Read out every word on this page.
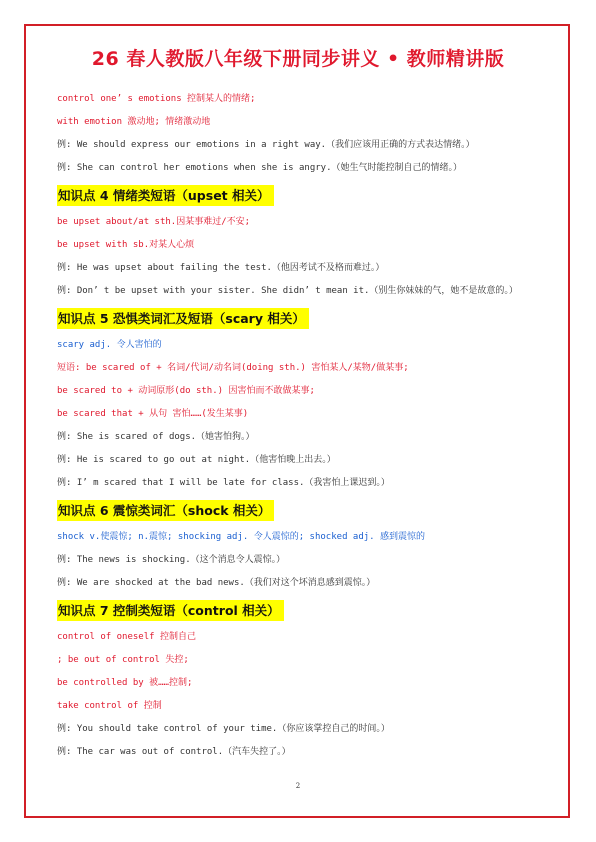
26 春人教版八年级下册同步讲义 • 教师精讲版

control one’ s emotions 控制某人的情绪;

with emotion 激动地; 情绪激动地

例: We should express our emotions in a right way.（我们应该用正确的方式表达情绪。）

例: She can control her emotions when she is angry.（她生气时能控制自己的情绪。）

知识点 4 情绪类短语（upset 相关）

be upset about/at sth.因某事难过/不安;

be upset with sb.对某人心烦

例: He was upset about failing the test.（他因考试不及格而难过。）

例: Don’ t be upset with your sister. She didn’ t mean it.（别生你妹妹的气，她不是故意的。）

知识点 5 恐惧类词汇及短语（scary 相关）

scary adj. 令人害怕的

短语: be scared of + 名词/代词/动名词(doing sth.) 害怕某人/某物/做某事;

be scared to + 动词原形(do sth.) 因害怕而不敢做某事;

be scared that + 从句 害怕……(发生某事)

例: She is scared of dogs.（她害怕狗。）

例: He is scared to go out at night.（他害怕晚上出去。）

例: I’ m scared that I will be late for class.（我害怕上课迟到。）

知识点 6 震惊类词汇（shock 相关）

shock v.使震惊; n.震惊; shocking adj. 令人震惊的; shocked adj. 感到震惊的

例: The news is shocking.（这个消息令人震惊。）

例: We are shocked at the bad news.（我们对这个坏消息感到震惊。）

知识点 7 控制类短语（control 相关）

control of oneself 控制自己

; be out of control 失控;

be controlled by 被……控制;

take control of 控制

例: You should take control of your time.（你应该掌控自己的时间。）

例: The car was out of control.（汽车失控了。）

2
